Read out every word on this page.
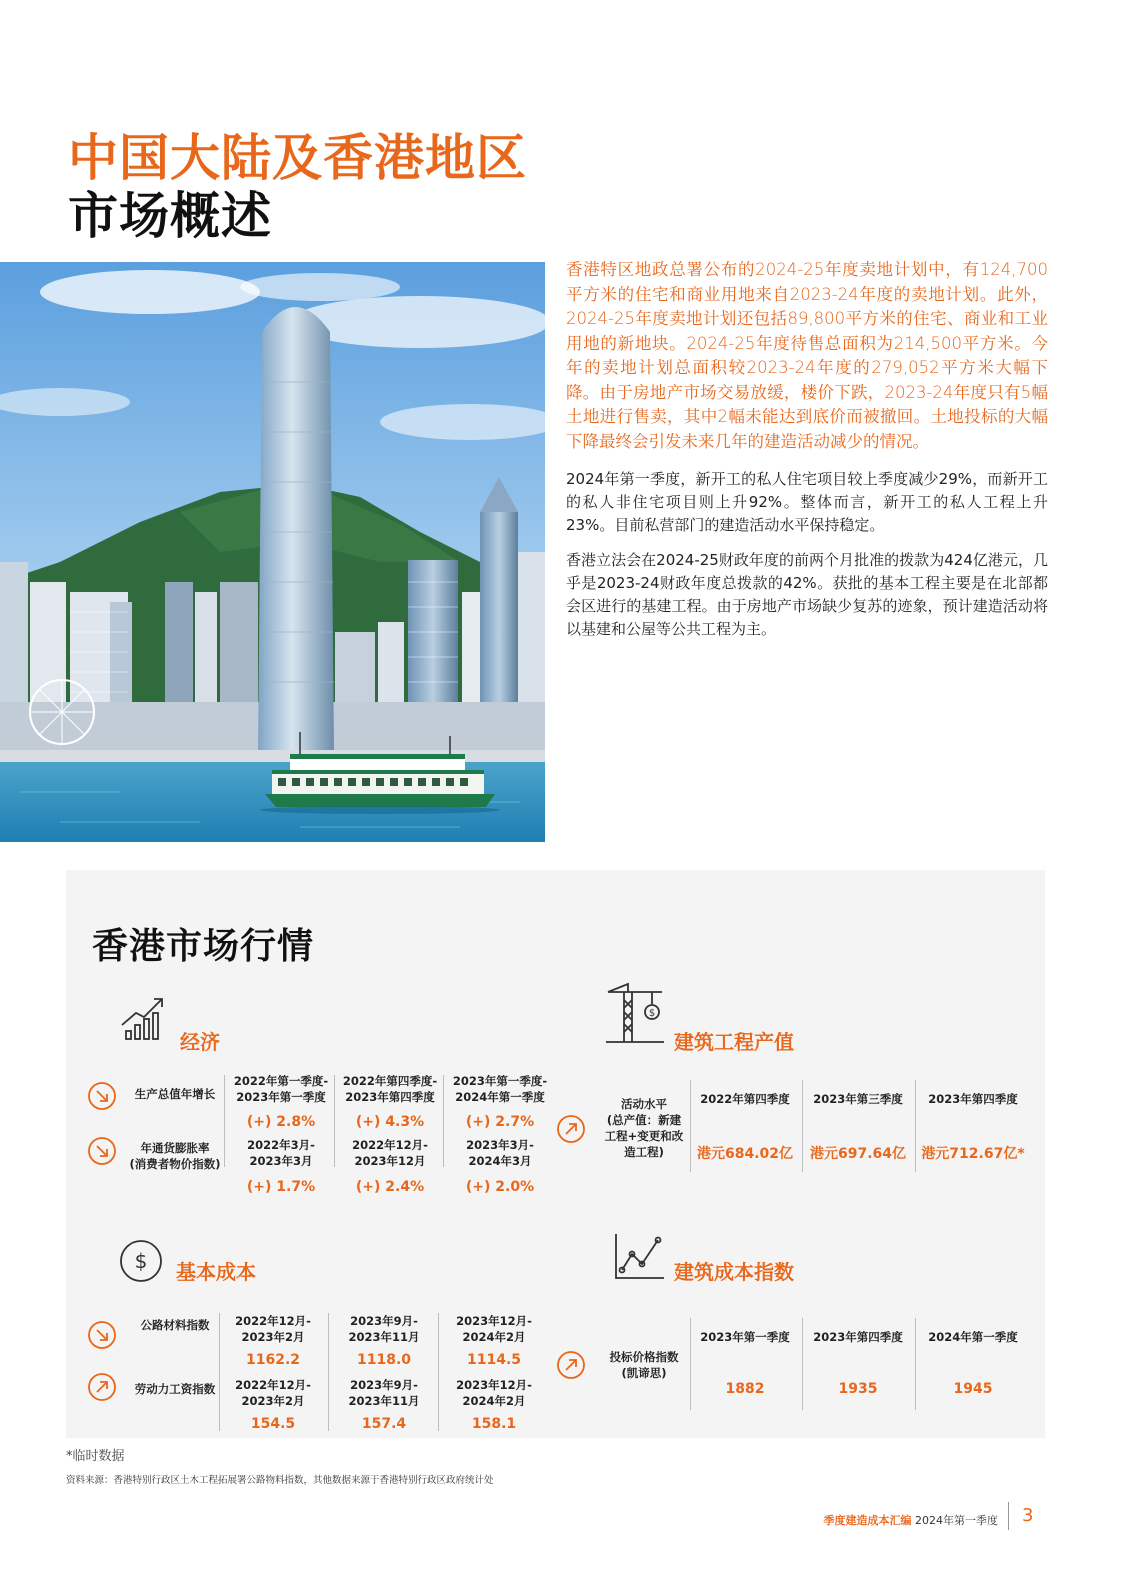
中国大陆及香港地区
市场概述

香港特区地政总署公布的2024-25年度卖地计划中，有124,700平方米的住宅和商业用地来自2023-24年度的卖地计划。此外，2024-25年度卖地计划还包括89,800平方米的住宅、商业和工业用地的新地块。2024-25年度待售总面积为214,500平方米。今年的卖地计划总面积较2023-24年度的279,052平方米大幅下降。由于房地产市场交易放缓，楼价下跌，2023-24年度只有5幅土地进行售卖，其中2幅未能达到底价而被撤回。土地投标的大幅下降最终会引发未来几年的建造活动减少的情况。

2024年第一季度，新开工的私人住宅项目较上季度减少29%，而新开工的私人非住宅项目则上升92%。整体而言，新开工的私人工程上升23%。目前私营部门的建造活动水平保持稳定。

香港立法会在2024-25财政年度的前两个月批准的拨款为424亿港元，几乎是2023-24财政年度总拨款的42%。获批的基本工程主要是在北部都会区进行的基建工程。由于房地产市场缺少复苏的迹象，预计建造活动将以基建和公屋等公共工程为主。

香港市场行情
经济
生产总值年增长
2022年第一季度-
2023年第一季度
2022年第四季度-
2023年第四季度
2023年第一季度-
2024年第一季度
(+) 2.8%	(+) 4.3%	(+) 2.7%
年通货膨胀率
(消费者物价指数)
2022年3月-
2023年3月
2022年12月-
2023年12月
2023年3月-
2024年3月
(+) 1.7%	(+) 2.4%	(+) 2.0%
$
建筑工程产值
活动水平
(总产值：新建
工程+变更和改
造工程)
2022年第四季度	2023年第三季度	2023年第四季度
港元684.02亿	港元697.64亿	港元712.67亿*
$ 基本成本
公路材料指数	2022年12月-
2023年2月
2023年9月-
2023年11月
2023年12月-
2024年2月
1162.2	1118.0	1114.5
劳动力工资指数	2022年12月-
2023年2月
2023年9月-
2023年11月
2023年12月-
2024年2月
154.5	157.4	158.1
建筑成本指数
投标价格指数
(凯谛思)
2023年第一季度	2023年第四季度	2024年第一季度
1882	1935	1945
*临时数据
资料来源：香港特别行政区土木工程拓展署公路物料指数，其他数据来源于香港特别行政区政府统计处
季度建造成本汇编 2024年第一季度 3
